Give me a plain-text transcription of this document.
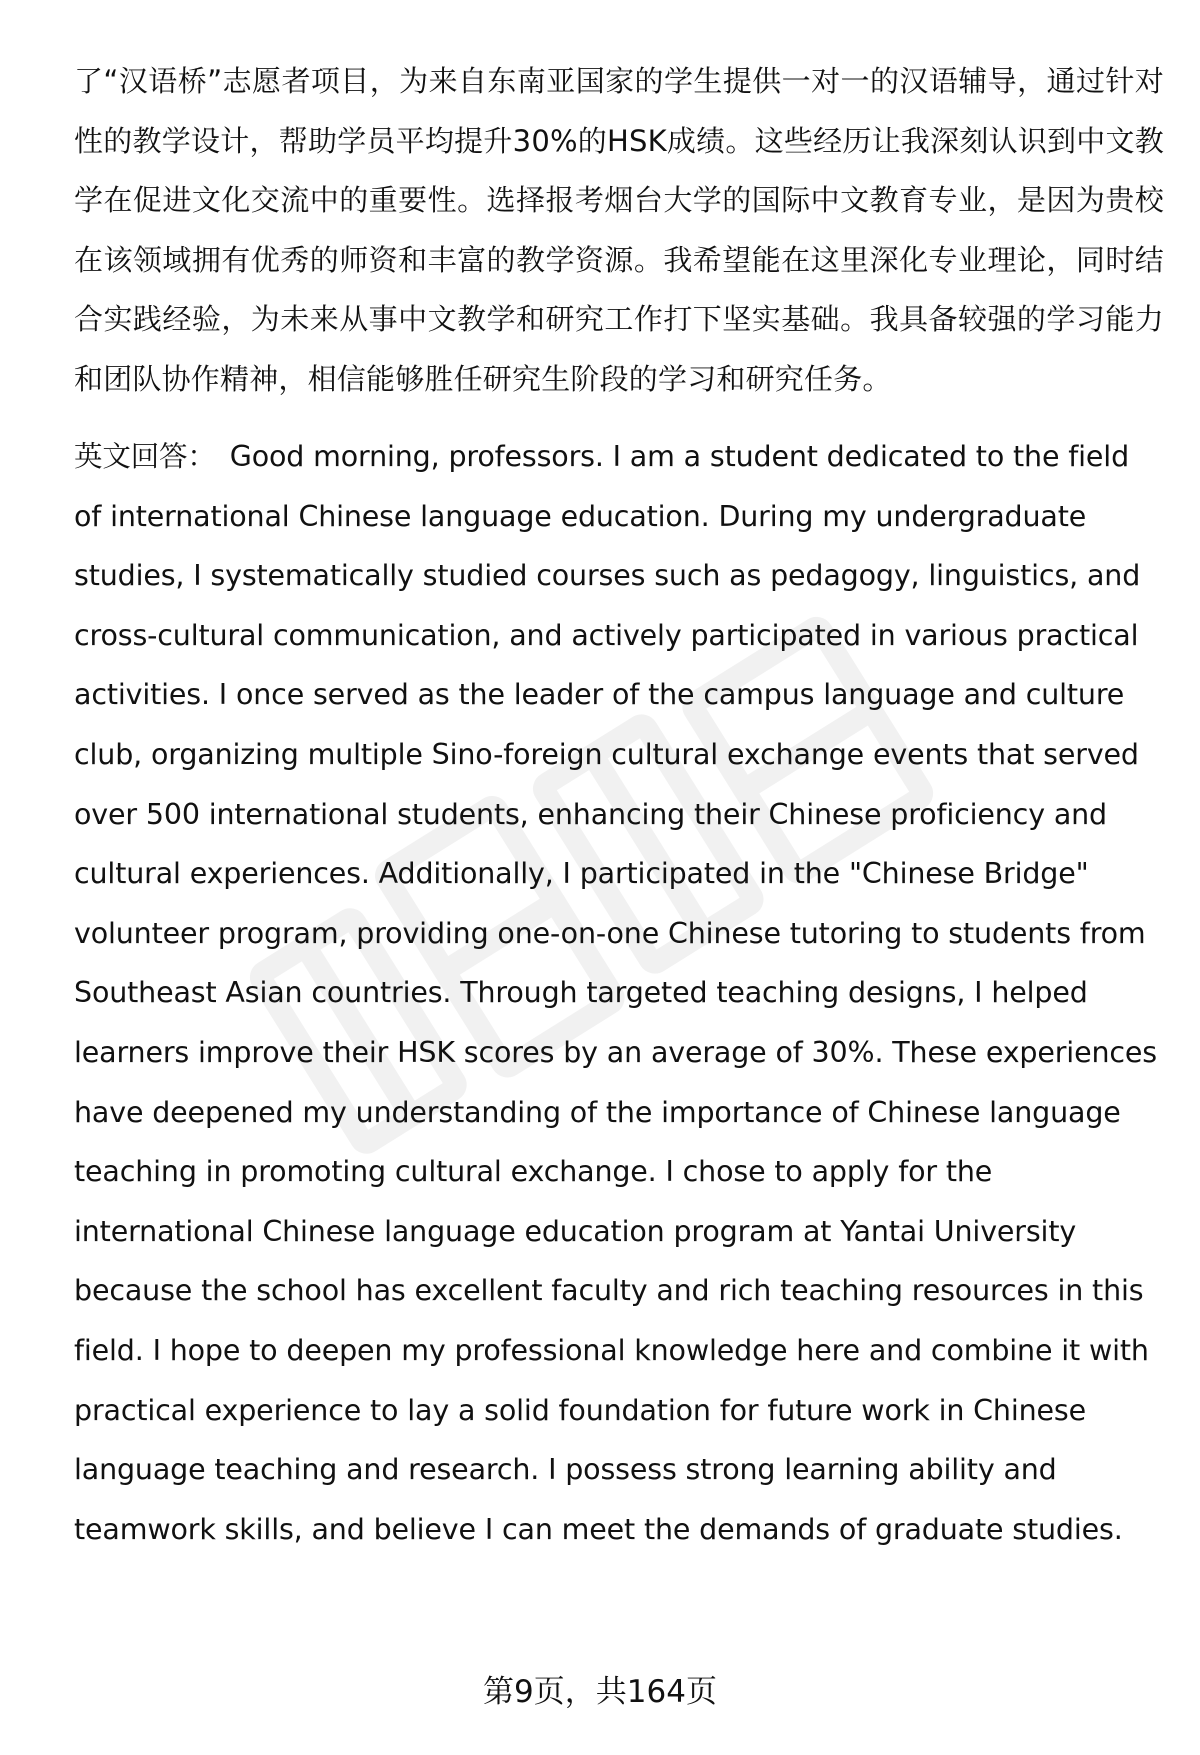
了“汉语桥”志愿者项目，为来自东南亚国家的学生提供一对一的汉语辅导，通过针对性的教学设计，帮助学员平均提升30%的HSK成绩。这些经历让我深刻认识到中文教学在促进文化交流中的重要性。选择报考烟台大学的国际中文教育专业，是因为贵校在该领域拥有优秀的师资和丰富的教学资源。我希望能在这里深化专业理论，同时结合实践经验，为未来从事中文教学和研究工作打下坚实基础。我具备较强的学习能力和团队协作精神，相信能够胜任研究生阶段的学习和研究任务。

英文回答： Good morning, professors. I am a student dedicated to the field of international Chinese language education. During my undergraduate studies, I systematically studied courses such as pedagogy, linguistics, and cross-cultural communication, and actively participated in various practical activities. I once served as the leader of the campus language and culture club, organizing multiple Sino-foreign cultural exchange events that served over 500 international students, enhancing their Chinese proficiency and cultural experiences. Additionally, I participated in the "Chinese Bridge" volunteer program, providing one-on-one Chinese tutoring to students from Southeast Asian countries. Through targeted teaching designs, I helped learners improve their HSK scores by an average of 30%. These experiences have deepened my understanding of the importance of Chinese language teaching in promoting cultural exchange. I chose to apply for the international Chinese language education program at Yantai University because the school has excellent faculty and rich teaching resources in this field. I hope to deepen my professional knowledge here and combine it with practical experience to lay a solid foundation for future work in Chinese language teaching and research. I possess strong learning ability and teamwork skills, and believe I can meet the demands of graduate studies.

第9页，共164页
